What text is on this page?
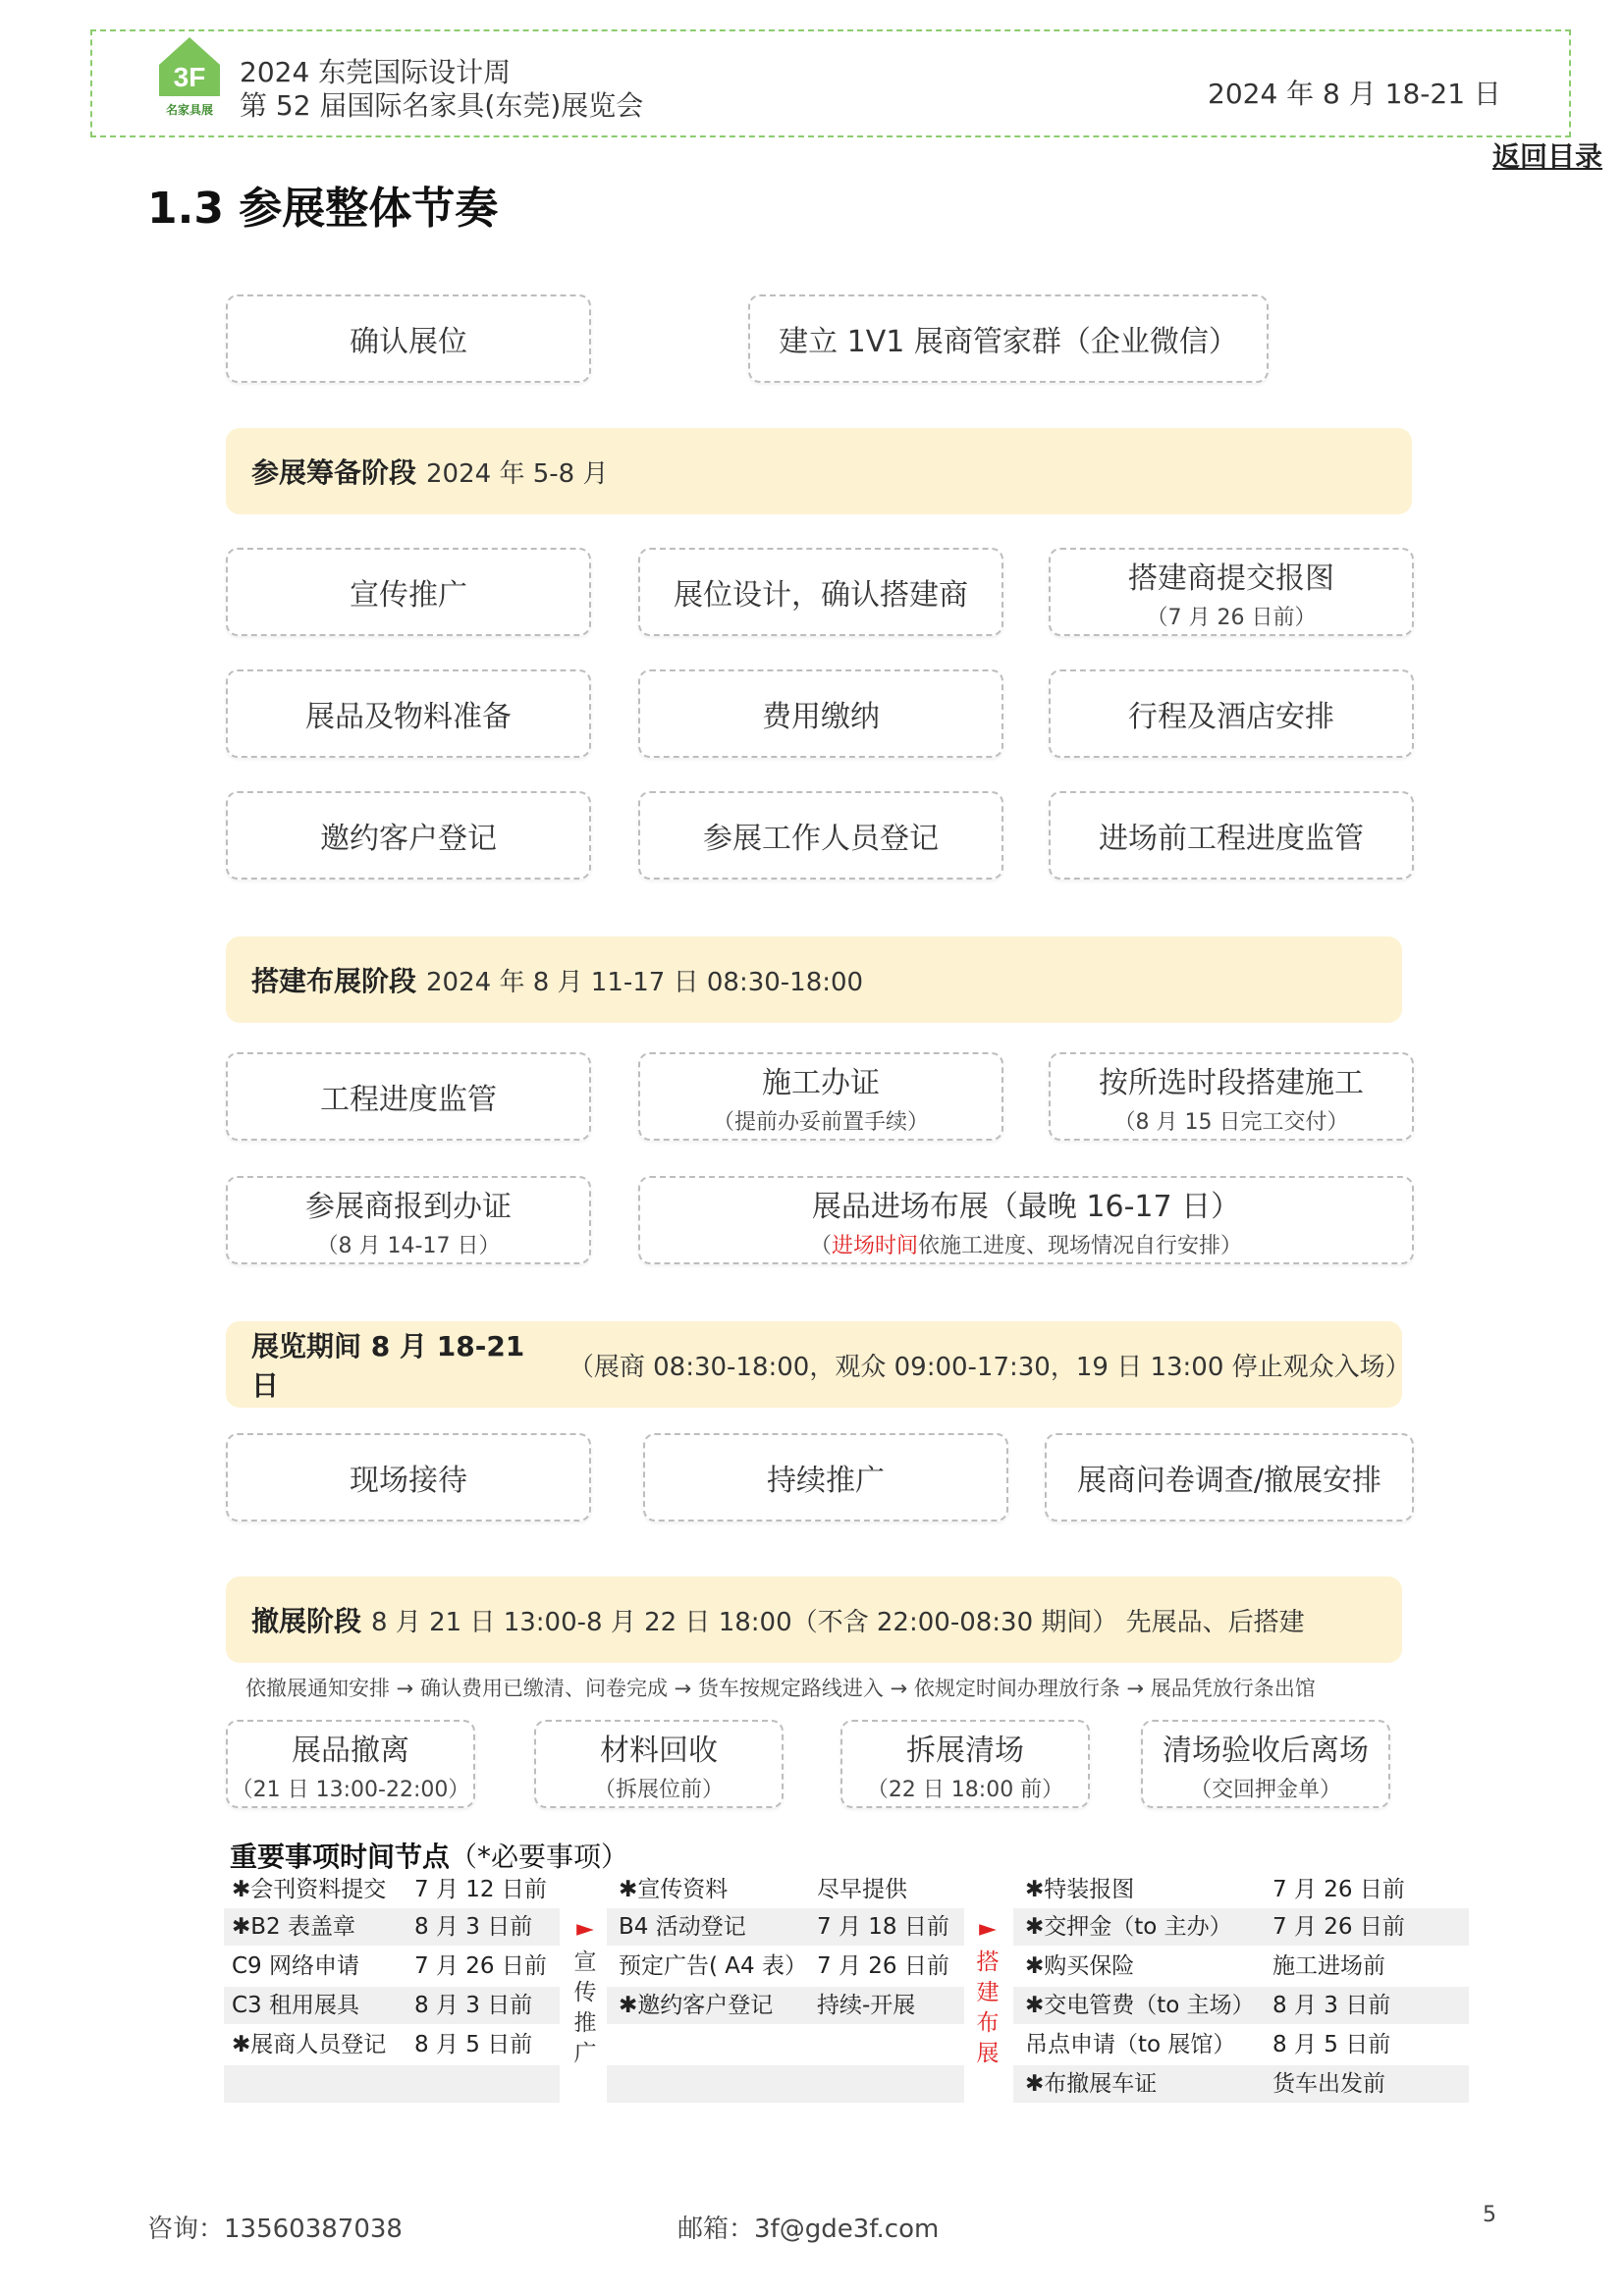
3F
名家具展
2024 东莞国际设计周
第 52 届国际名家具(东莞)展览会	2024 年 8 月 18-21 日
返回目录
1.3 参展整体节奏
确认展位	建立 1V1 展商管家群（企业微信）
参展筹备阶段 2024 年 5-8 月
宣传推广	展位设计，确认搭建商	搭建商提交报图
（7 月 26 日前）
展品及物料准备	费用缴纳	行程及酒店安排
邀约客户登记	参展工作人员登记	进场前工程进度监管
搭建布展阶段 2024 年 8 月 11-17 日 08:30-18:00
工程进度监管	施工办证
（提前办妥前置手续）
按所选时段搭建施工
（8 月 15 日完工交付）
参展商报到办证
（8 月 14-17 日）
展品进场布展（最晚 16-17 日）
（进场时间依施工进度、现场情况自行安排）
展览期间 8 月 18-21 日
（展商 08:30-18:00，观众 09:00-17:30，19 日 13:00 停止观众入场）
现场接待	持续推广	展商问卷调查/撤展安排
撤展阶段 8 月 21 日 13:00-8 月 22 日 18:00（不含 22:00-08:30 期间） 先展品、后搭建
依撤展通知安排 → 确认费用已缴清、问卷完成 → 货车按规定路线进入 → 依规定时间办理放行条 → 展品凭放行条出馆
展品撤离
（21 日 13:00-22:00）
材料回收
（拆展位前）
拆展清场
（22 日 18:00 前）
清场验收后离场
（交回押金单）
重要事项时间节点（*必要事项）
✱会刊资料提交 7 月 12 日前
✱B2 表盖章	8 月 3 日前
C9 网络申请 7 月 26 日前
C3 租用展具 8 月 3 日前
✱展商人员登记 8 月 5 日前
►
宣
传
推
广
✱宣传资料	尽早提供
B4 活动登记	7 月 18 日前
预定广告( A4 表） 7 月 26 日前
✱邀约客户登记 持续-开展
►
搭
建
布
展
✱特装报图	7 月 26 日前
✱交押金（to 主办） 7 月 26 日前
✱购买保险	施工进场前
✱交电管费（to 主场） 8 月 3 日前
吊点申请（to 展馆） 8 月 5 日前
✱布撤展车证	货车出发前
咨询：13560387038	邮箱：3f@gde3f.com	5
